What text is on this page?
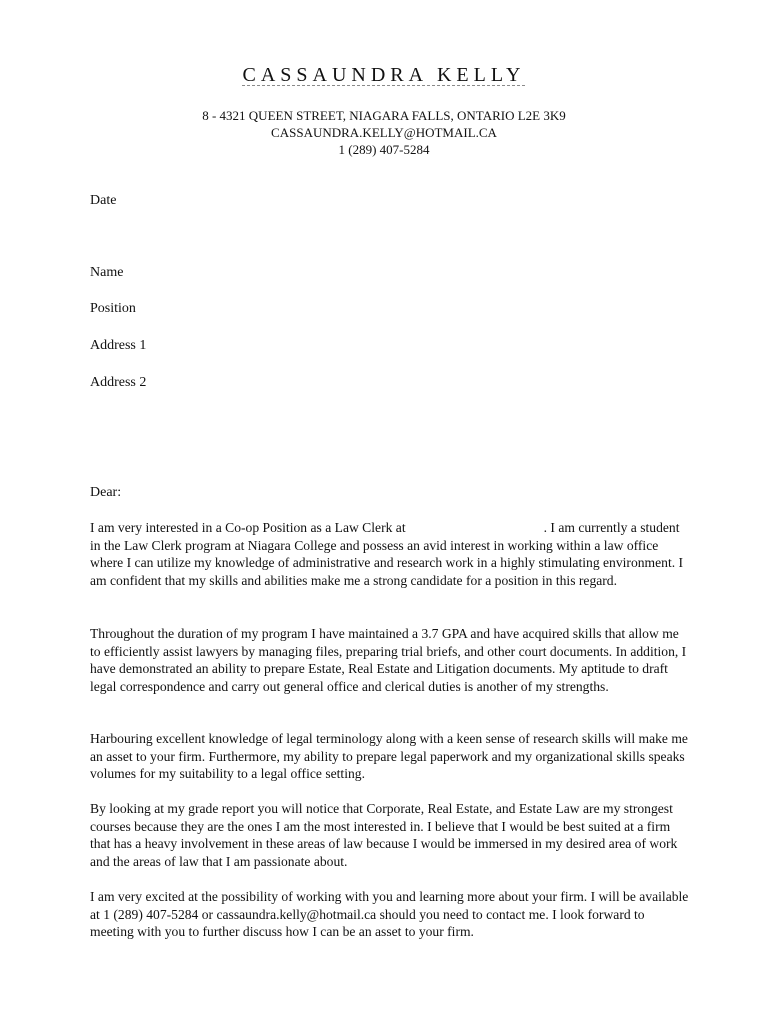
CASSAUNDRA KELLY
8 - 4321 QUEEN STREET, NIAGARA FALLS, ONTARIO L2E 3K9
CASSAUNDRA.KELLY@HOTMAIL.CA
1 (289) 407-5284
Date
Name
Position
Address 1
Address 2
Dear:
I am very interested in a Co-op Position as a Law Clerk at	. I am currently a student in the Law Clerk program at Niagara College and possess an avid interest in working within a law office where I can utilize my knowledge of administrative and research work in a highly stimulating environment. I am confident that my skills and abilities make me a strong candidate for a position in this regard.
Throughout the duration of my program I have maintained a 3.7 GPA and have acquired skills that allow me to efficiently assist lawyers by managing files, preparing trial briefs, and other court documents. In addition, I have demonstrated an ability to prepare Estate, Real Estate and Litigation documents. My aptitude to draft legal correspondence and carry out general office and clerical duties is another of my strengths.
Harbouring excellent knowledge of legal terminology along with a keen sense of research skills will make me an asset to your firm. Furthermore, my ability to prepare legal paperwork and my organizational skills speaks volumes for my suitability to a legal office setting.
By looking at my grade report you will notice that Corporate, Real Estate, and Estate Law are my strongest courses because they are the ones I am the most interested in. I believe that I would be best suited at a firm that has a heavy involvement in these areas of law because I would be immersed in my desired area of work and the areas of law that I am passionate about.
I am very excited at the possibility of working with you and learning more about your firm. I will be available at 1 (289) 407-5284 or cassaundra.kelly@hotmail.ca should you need to contact me. I look forward to meeting with you to further discuss how I can be an asset to your firm.
